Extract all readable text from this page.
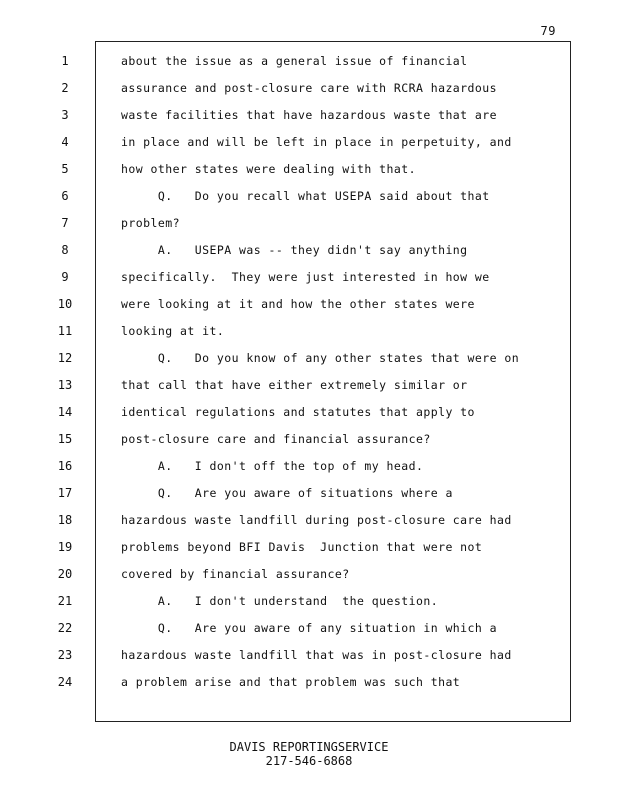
79
1
2
3
4
5
6
7
8
9
10
11
12
13
14
15
16
17
18
19
20
21
22
23
24
about the issue as a general issue of financial
assurance and post-closure care with RCRA hazardous
waste facilities that have hazardous waste that are
in place and will be left in place in perpetuity, and
how other states were dealing with that.
Q.   Do you recall what USEPA said about that
problem?
A.   USEPA was -- they didn't say anything
specifically.  They were just interested in how we
were looking at it and how the other states were
looking at it.
Q.   Do you know of any other states that were on
that call that have either extremely similar or
identical regulations and statutes that apply to
post-closure care and financial assurance?
A.   I don't off the top of my head.
Q.   Are you aware of situations where a
hazardous waste landfill during post-closure care had
problems beyond BFI Davis  Junction that were not
covered by financial assurance?
A.   I don't understand  the question.
Q.   Are you aware of any situation in which a
hazardous waste landfill that was in post-closure had
a problem arise and that problem was such that
DAVIS REPORTINGSERVICE
217-546-6868
